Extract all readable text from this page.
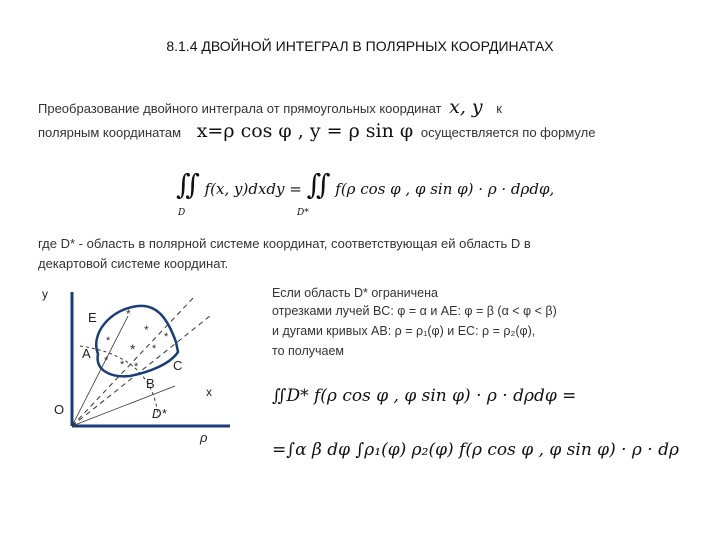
8.1.4 ДВОЙНОЙ ИНТЕГРАЛ В ПОЛЯРНЫХ КООРДИНАТАХ
Преобразование двойного интеграла от прямоугольных координат x, y к
полярным координатам x=ρ cos φ , y = ρ sin φ осуществляется по формуле
∬ f(x, y)dxdy = ∬ f(ρ cos φ , φ sin φ) · ρ · dρdφ,
D	D*
где D* - область в полярной системе координат, соответствующая ей область D в
декартовой системе координат.
*
*
* * *
* * *
*
y
E
A
B
C
O	D*
ρ
x
Если область D* ограничена
отрезками лучей BC: φ = α и AE: φ = β (α < φ < β)
и дугами кривых AB: ρ = ρ₁(φ) и EC: ρ = ρ₂(φ),
то получаем
∬D* f(ρ cos φ , φ sin φ) · ρ · dρdφ =
=∫α β dφ ∫ρ₁(φ) ρ₂(φ) f(ρ cos φ , φ sin φ) · ρ · dρ
